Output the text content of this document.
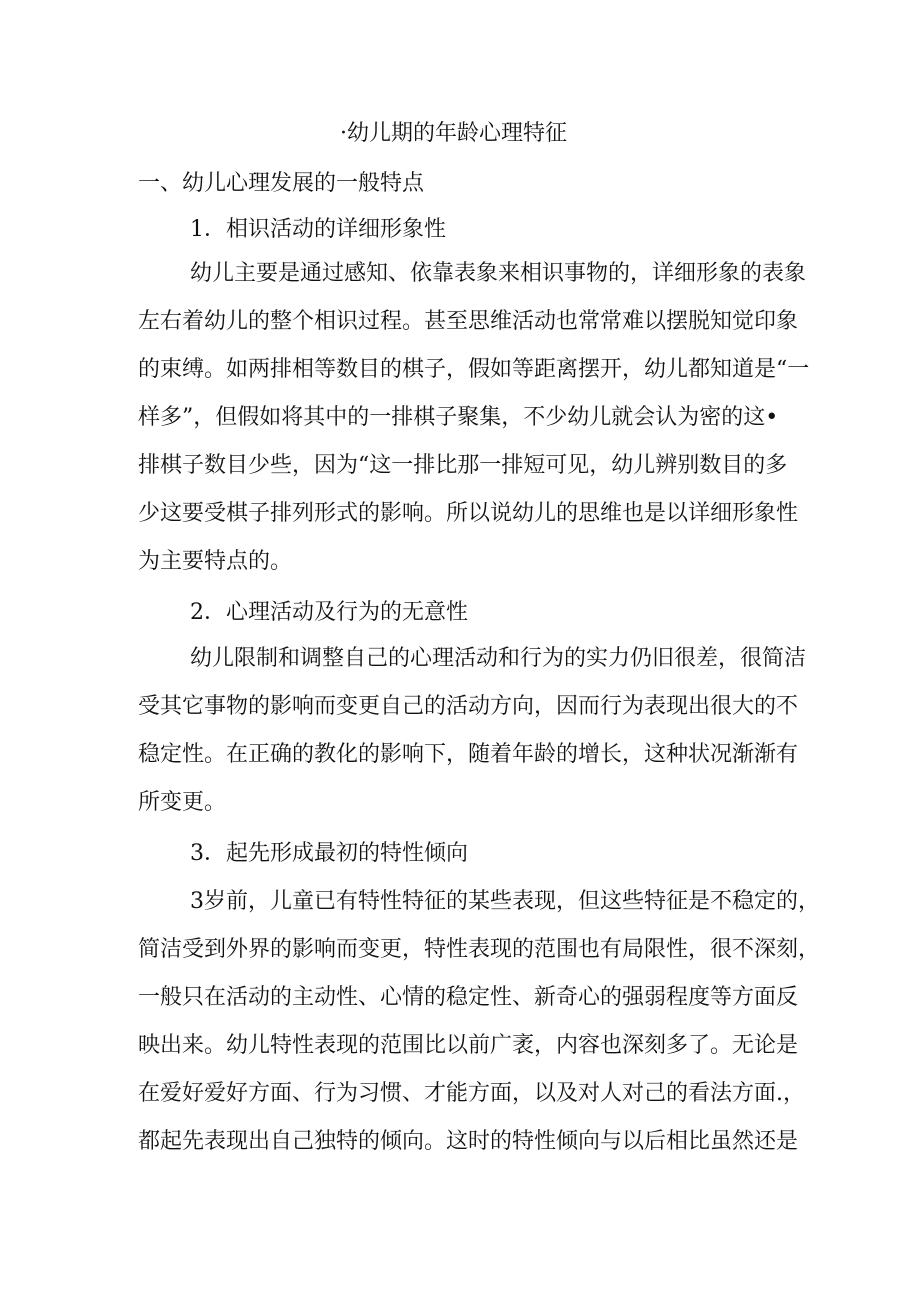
·幼儿期的年龄心理特征
一、幼儿心理发展的一般特点
1．相识活动的详细形象性
幼儿主要是通过感知、依靠表象来相识事物的，详细形象的表象
左右着幼儿的整个相识过程。甚至思维活动也常常难以摆脱知觉印象
的束缚。如两排相等数目的棋子，假如等距离摆开，幼儿都知道是“一
样多”，但假如将其中的一排棋子聚集，不少幼儿就会认为密的这•
排棋子数目少些，因为“这一排比那一排短可见，幼儿辨别数目的多
少这要受棋子排列形式的影响。所以说幼儿的思维也是以详细形象性
为主要特点的。
2．心理活动及行为的无意性
幼儿限制和调整自己的心理活动和行为的实力仍旧很差，很简洁
受其它事物的影响而变更自己的活动方向，因而行为表现出很大的不
稳定性。在正确的教化的影响下，随着年龄的增长，这种状况渐渐有
所变更。
3．起先形成最初的特性倾向
3岁前，儿童已有特性特征的某些表现，但这些特征是不稳定的，
简洁受到外界的影响而变更，特性表现的范围也有局限性，很不深刻，
一般只在活动的主动性、心情的稳定性、新奇心的强弱程度等方面反
映出来。幼儿特性表现的范围比以前广袤，内容也深刻多了。无论是
在爱好爱好方面、行为习惯、才能方面，以及对人对己的看法方面.，
都起先表现出自己独特的倾向。这时的特性倾向与以后相比虽然还是
